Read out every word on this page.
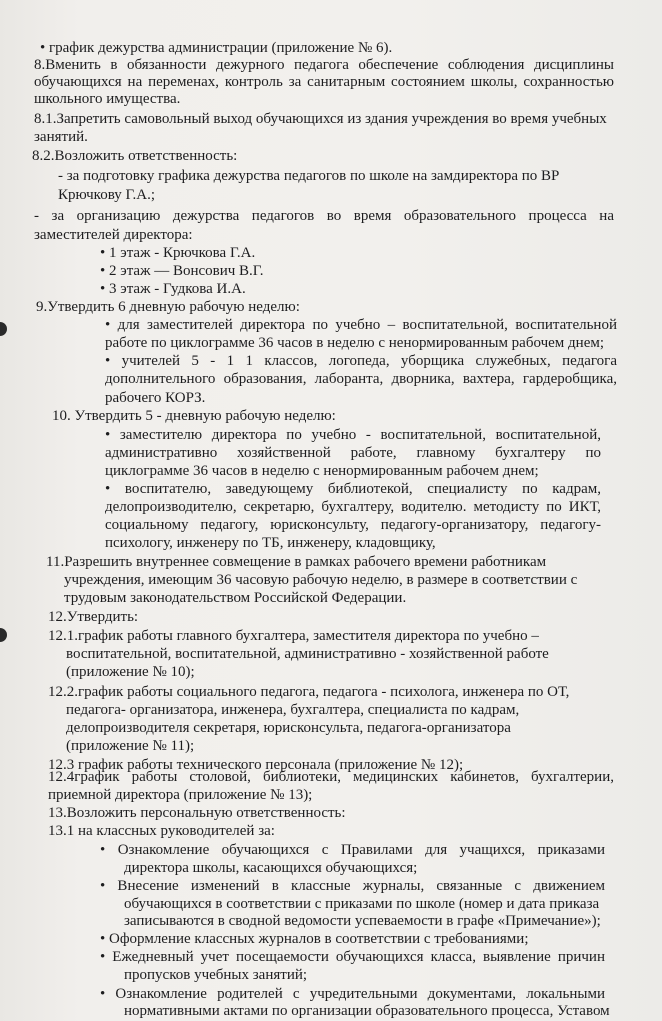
• график дежурства администрации (приложение № 6).
8.Вменить в обязанности дежурного педагога обеспечение соблюдения дисциплины
обучающихся на переменах, контроль за санитарным состоянием школы, сохранностью
школьного имущества.
8.1.Запретить самовольный выход обучающихся из здания учреждения во время учебных
занятий.
8.2.Возложить ответственность:
- за подготовку графика дежурства педагогов по школе на замдиректора по ВР
Крючкову Г.А.;
- за организацию дежурства педагогов во время образовательного процесса на
заместителей директора:
• 1 этаж - Крючкова Г.А.
• 2 этаж — Вонсович В.Г.
• 3 этаж - Гудкова И.А.
9.Утвердить 6 дневную рабочую неделю:
• для заместителей директора по учебно – воспитательной, воспитательной
работе по циклограмме 36 часов в неделю с ненормированным рабочем днем;
• учителей 5 - 1 1 классов, логопеда, уборщика служебных, педагога
дополнительного образования, лаборанта, дворника, вахтера, гардеробщика,
рабочего КОРЗ.
10. Утвердить 5 - дневную рабочую неделю:
• заместителю директора по учебно - воспитательной, воспитательной,
административно хозяйственной работе, главному бухгалтеру по
циклограмме 36 часов в неделю с ненормированным рабочем днем;
• воспитателю, заведующему библиотекой, специалисту по кадрам,
делопроизводителю, секретарю, бухгалтеру, водителю. методисту по ИКТ,
социальному педагогу, юрисконсульту, педагогу-организатору, педагогу-
психологу, инженеру по ТБ, инженеру, кладовщику,
11.Разрешить внутреннее совмещение в рамках рабочего времени работникам
учреждения, имеющим 36 часовую рабочую неделю, в размере в соответствии с
трудовым законодательством Российской Федерации.
12.Утвердить:
12.1.график работы главного бухгалтера, заместителя директора по учебно –
воспитательной, воспитательной, административно - хозяйственной работе
(приложение № 10);
12.2.график работы социального педагога, педагога - психолога, инженера по ОТ,
педагога- организатора, инженера, бухгалтера, специалиста по кадрам,
делопроизводителя секретаря, юрисконсульта, педагога-организатора
(приложение № 11);
12.3 график работы технического персонала (приложение № 12);
12.4график работы столовой, библиотеки, медицинских кабинетов, бухгалтерии,
приемной директора (приложение № 13);
13.Возложить персональную ответственность:
13.1 на классных руководителей за:
• Ознакомление обучающихся с Правилами для учащихся, приказами
директора школы, касающихся обучающихся;
• Внесение изменений в классные журналы, связанные с движением
обучающихся в соответствии с приказами по школе (номер и дата приказа
записываются в сводной ведомости успеваемости в графе «Примечание»);
• Оформление классных журналов в соответствии с требованиями;
• Ежедневный учет посещаемости обучающихся класса, выявление причин
пропусков учебных занятий;
• Ознакомление родителей с учредительными документами, локальными
нормативными актами по организации образовательного процесса, Уставом
